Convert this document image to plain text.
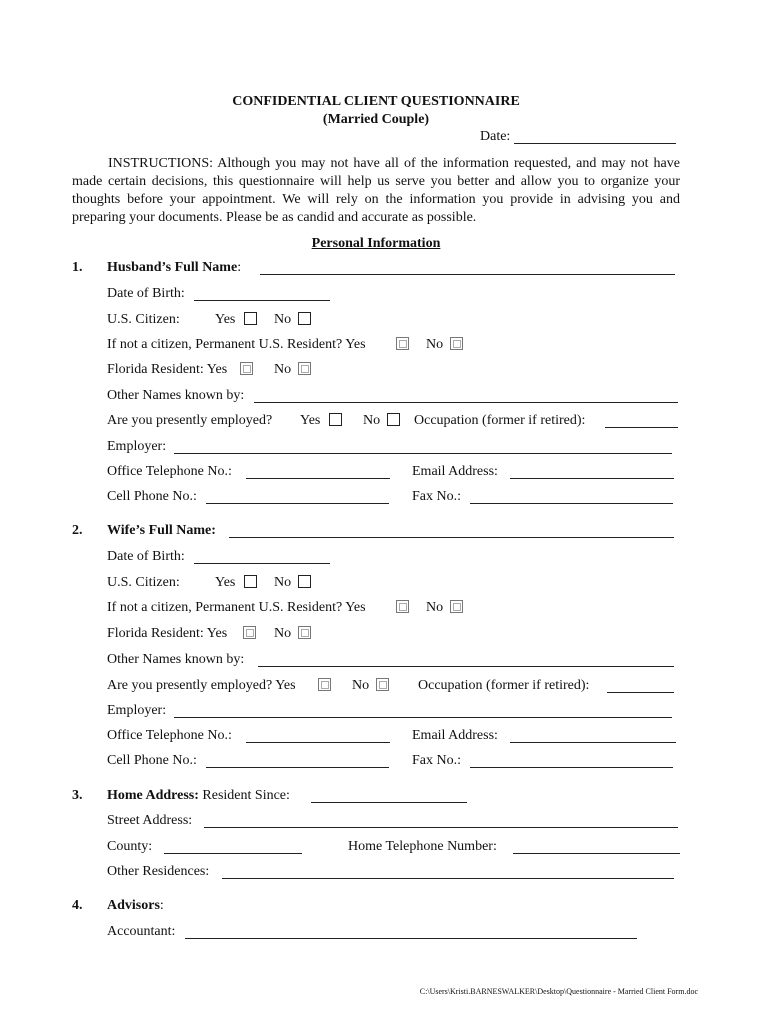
CONFIDENTIAL CLIENT QUESTIONNAIRE
(Married Couple)
Date:
INSTRUCTIONS: Although you may not have all of the information requested, and may not have made certain decisions, this questionnaire will help us serve you better and allow you to organize your thoughts before your appointment. We will rely on the information you provide in advising you and preparing your documents. Please be as candid and accurate as possible.
Personal Information
1. Husband’s Full Name:
Date of Birth:
U.S. Citizen:	Yes	No
If not a citizen, Permanent U.S. Resident? Yes	No
Florida Resident: Yes	No
Other Names known by:
Are you presently employed? Yes	No Occupation (former if retired):
Employer:
Office Telephone No.:	Email Address:
Cell Phone No.:	Fax No.:
2. Wife’s Full Name:
Date of Birth:
U.S. Citizen:	Yes	No
If not a citizen, Permanent U.S. Resident? Yes	No
Florida Resident: Yes	No
Other Names known by:
Are you presently employed? Yes	No	Occupation (former if retired):
Employer:
Office Telephone No.:	Email Address:
Cell Phone No.:	Fax No.:
3. Home Address: Resident Since:
Street Address:
County:	Home Telephone Number:
Other Residences:
4. Advisors:
Accountant:
C:\Users\Kristi.BARNESWALKER\Desktop\Questionnaire - Married Client Form.doc
